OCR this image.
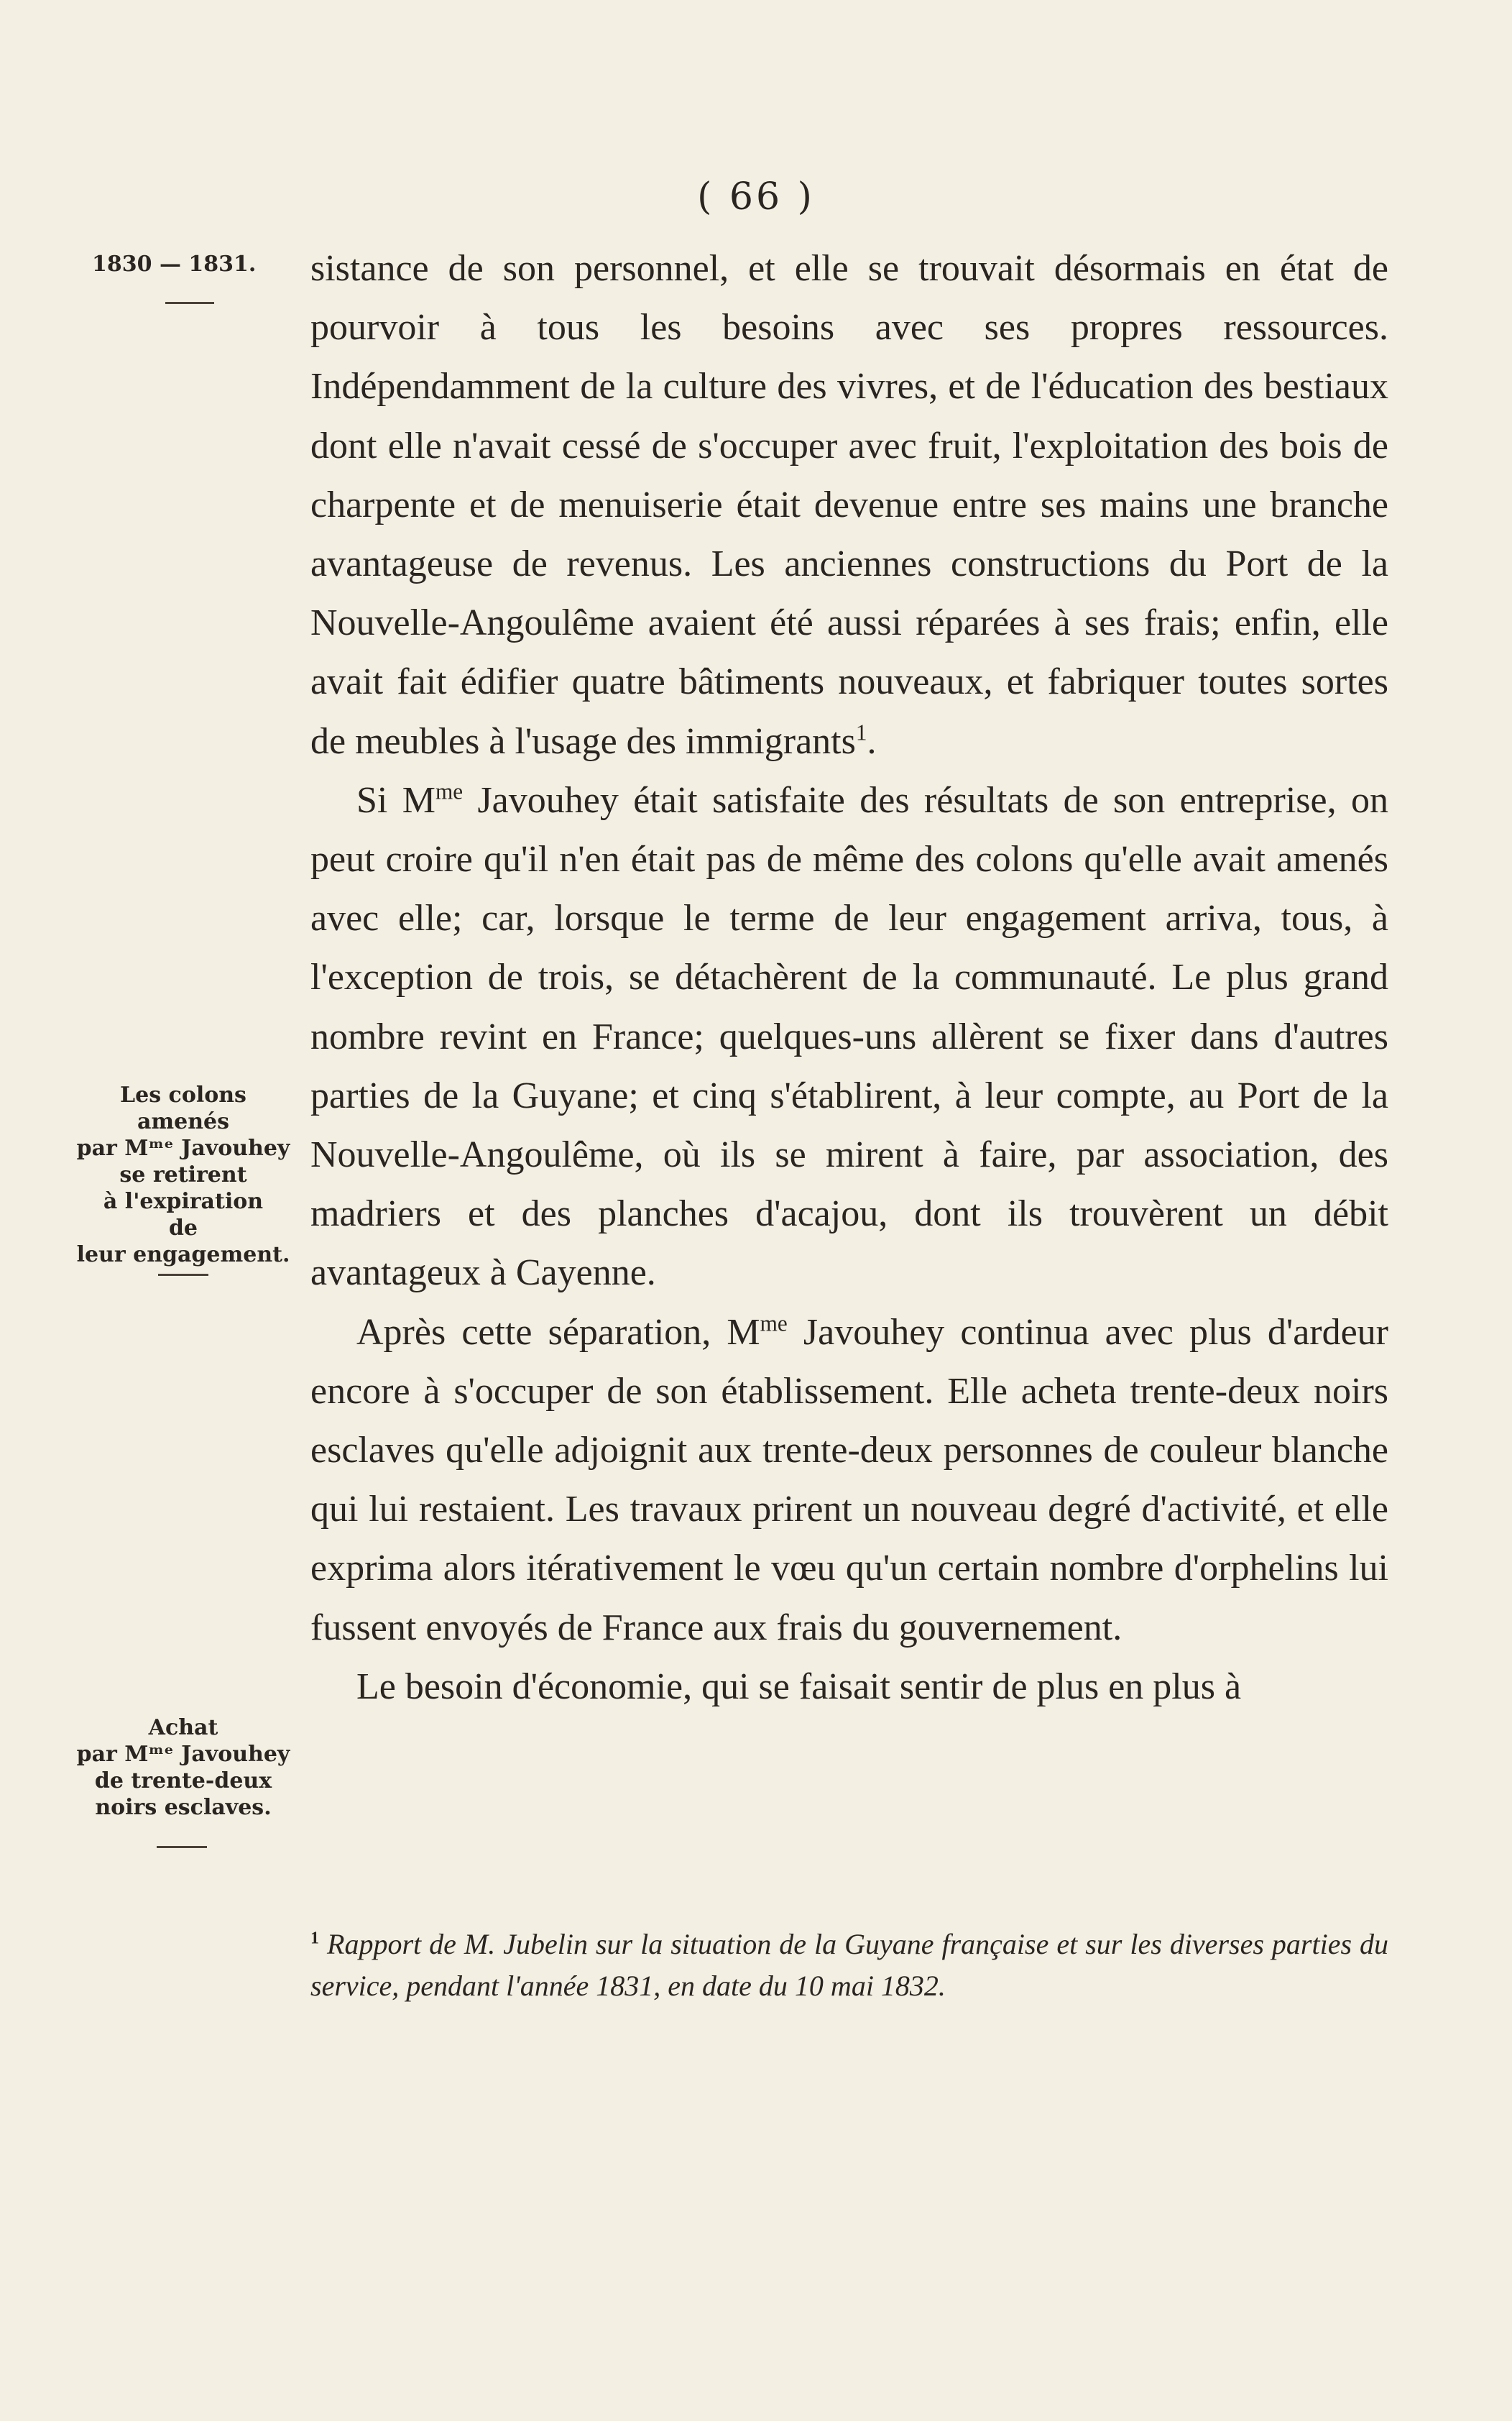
( 66 )
1830 — 1831.
Les colons
amenés
par Mᵐᵉ Javouhey
se retirent
à l'expiration
de
leur engagement.
Achat
par Mᵐᵉ Javouhey
de trente-deux
noirs esclaves.

sistance de son personnel, et elle se trouvait désormais en état de pourvoir à tous les besoins avec ses propres ressources. Indépendamment de la culture des vivres, et de l'éducation des bestiaux dont elle n'avait cessé de s'occuper avec fruit, l'exploitation des bois de charpente et de menuiserie était devenue entre ses mains une branche avantageuse de revenus. Les anciennes constructions du Port de la Nouvelle-Angoulême avaient été aussi réparées à ses frais; enfin, elle avait fait édifier quatre bâtiments nouveaux, et fabriquer toutes sortes de meubles à l'usage des immigrants$^1$.

Si $M^{me}$ Javouhey était satisfaite des résultats de son entreprise, on peut croire qu'il n'en était pas de même des colons qu'elle avait amenés avec elle; car, lorsque le terme de leur engagement arriva, tous, à l'exception de trois, se détachèrent de la communauté. Le plus grand nombre revint en France; quelques-uns allèrent se fixer dans d'autres parties de la Guyane; et cinq s'établirent, à leur compte, au Port de la Nouvelle-Angoulême, où ils se mirent à faire, par association, des madriers et des planches d'acajou, dont ils trouvèrent un débit avantageux à Cayenne.

Après cette séparation, $M^{me}$ Javouhey continua avec plus d'ardeur encore à s'occuper de son établissement. Elle acheta trente-deux noirs esclaves qu'elle adjoignit aux trente-deux personnes de couleur blanche qui lui restaient. Les travaux prirent un nouveau degré d'activité, et elle exprima alors itérativement le vœu qu'un certain nombre d'orphelins lui fussent envoyés de France aux frais du gouvernement.

Le besoin d'économie, qui se faisait sentir de plus en plus à

$^1$ Rapport de M. Jubelin sur la situation de la Guyane française et sur les diverses parties du service, pendant l'année 1831, en date du 10 mai 1832.
